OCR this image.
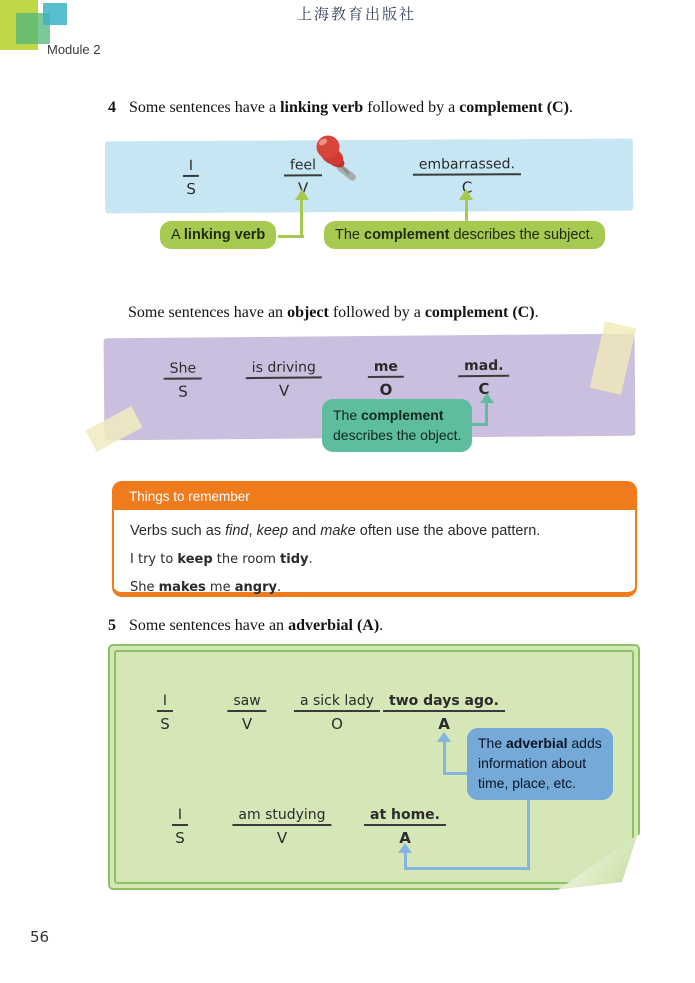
Module 2
上海教育出版社

4 Some sentences have a linking verb followed by a complement (C).

I
S
feel
V
embarrassed.
C
A linking verb	The complement describes the subject.

Some sentences have an object followed by a complement (C).

She
S
is driving
V
me
O
mad.
C
The complement
describes the object.
Things to remember

Verbs such as find, keep and make often use the above pattern.

I try to keep the room tidy.

She makes me angry.

5 Some sentences have an adverbial (A).

I
S
saw
V
a sick lady
O
two days ago.
A
The adverbial adds
information about
time, place, etc.
I
S
am studying
V
at home.
A
56
